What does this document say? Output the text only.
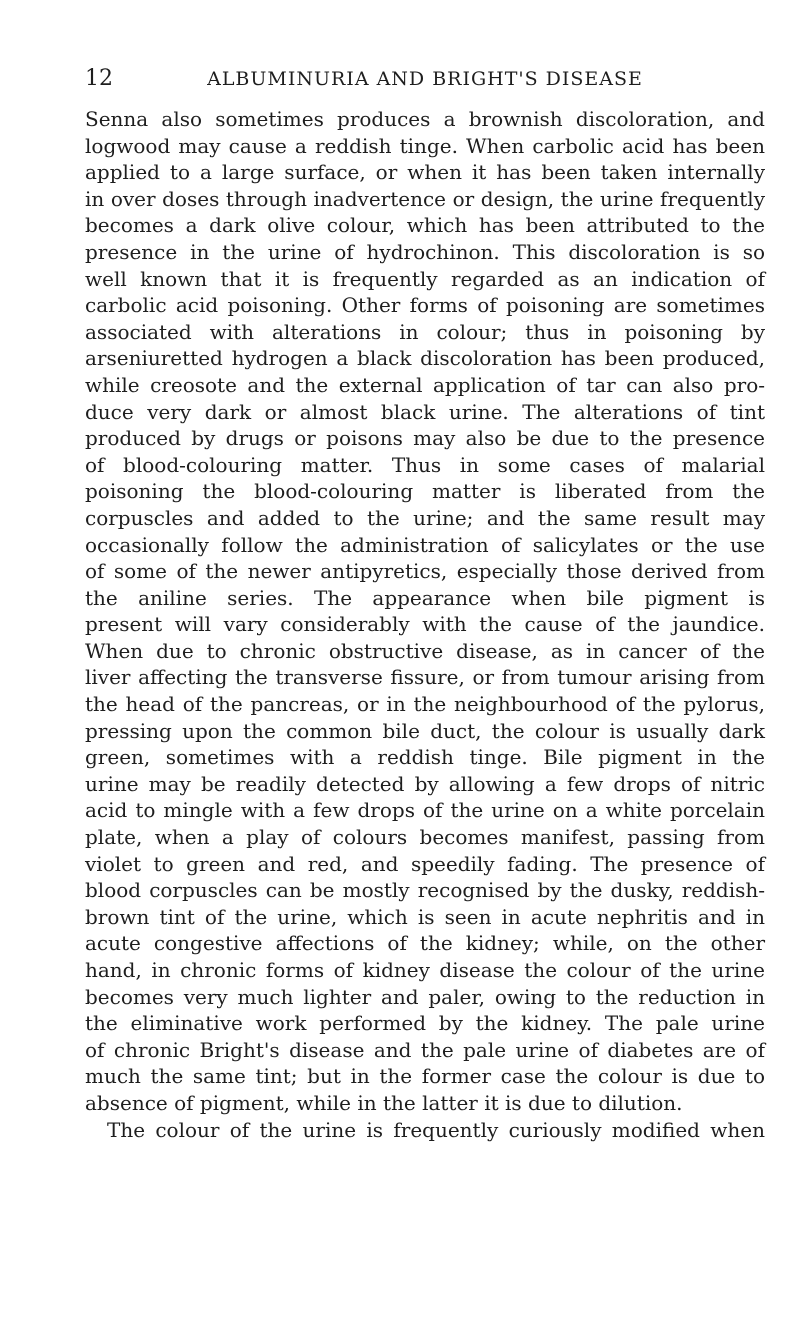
12	ALBUMINURIA AND BRIGHT'S DISEASE
Senna also sometimes produces a brownish discoloration, and
logwood may cause a reddish tinge. When carbolic acid has been
applied to a large surface, or when it has been taken internally
in over doses through inadvertence or design, the urine frequently
becomes a dark olive colour, which has been attributed to the
presence in the urine of hydrochinon. This discoloration is so
well known that it is frequently regarded as an indication of
carbolic acid poisoning. Other forms of poisoning are sometimes
associated with alterations in colour; thus in poisoning by
arseniuretted hydrogen a black discoloration has been produced,
while creosote and the external application of tar can also pro-
duce very dark or almost black urine. The alterations of tint
produced by drugs or poisons may also be due to the presence
of blood-colouring matter. Thus in some cases of malarial
poisoning the blood-colouring matter is liberated from the
corpuscles and added to the urine; and the same result may
occasionally follow the administration of salicylates or the use
of some of the newer antipyretics, especially those derived from
the aniline series. The appearance when bile pigment is
present will vary considerably with the cause of the jaundice.
When due to chronic obstructive disease, as in cancer of the
liver affecting the transverse fissure, or from tumour arising from
the head of the pancreas, or in the neighbourhood of the pylorus,
pressing upon the common bile duct, the colour is usually dark
green, sometimes with a reddish tinge. Bile pigment in the
urine may be readily detected by allowing a few drops of nitric
acid to mingle with a few drops of the urine on a white porcelain
plate, when a play of colours becomes manifest, passing from
violet to green and red, and speedily fading. The presence of
blood corpuscles can be mostly recognised by the dusky, reddish-
brown tint of the urine, which is seen in acute nephritis and in
acute congestive affections of the kidney; while, on the other
hand, in chronic forms of kidney disease the colour of the urine
becomes very much lighter and paler, owing to the reduction in
the eliminative work performed by the kidney. The pale urine
of chronic Bright's disease and the pale urine of diabetes are of
much the same tint; but in the former case the colour is due to
absence of pigment, while in the latter it is due to dilution.
The colour of the urine is frequently curiously modified when
